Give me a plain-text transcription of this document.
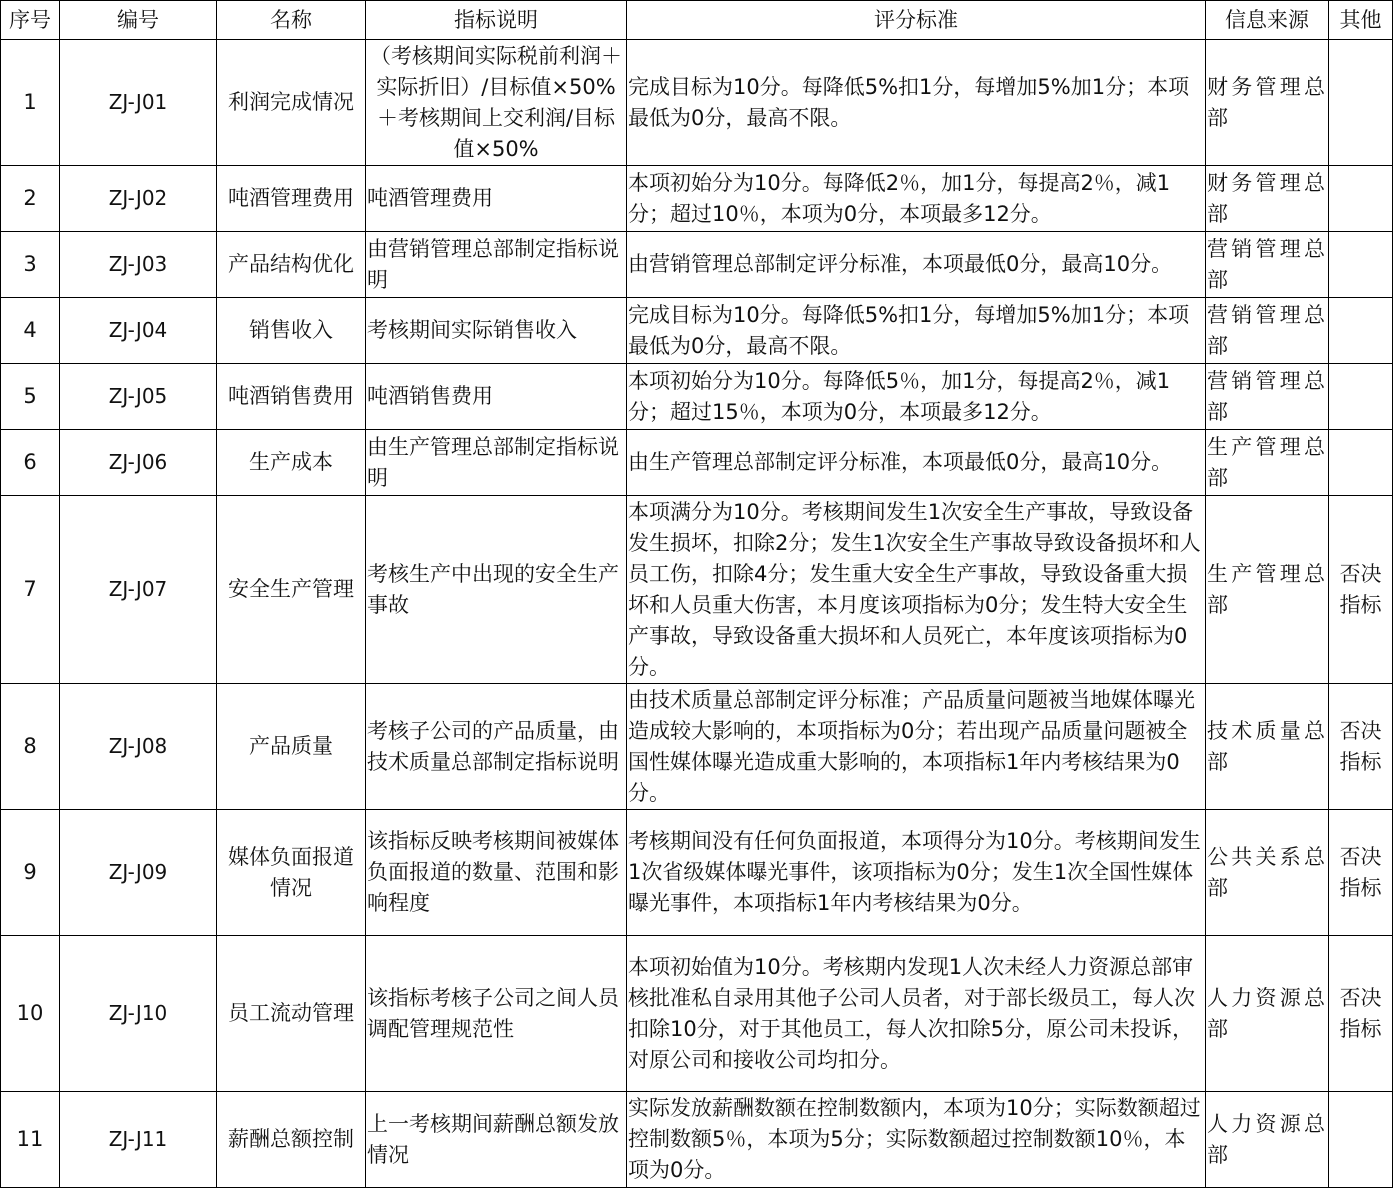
序号	编号	名称	指标说明	评分标准	信息来源	其他
1	ZJ-J01	利润完成情况	（考核期间实际税前利润＋实际折旧）/目标值×50%＋考核期间上交利润/目标值×50%	完成目标为10分。每降低5%扣1分，每增加5%加1分；本项最低为0分，最高不限。	财务管理总部	
2	ZJ-J02	吨酒管理费用	吨酒管理费用	本项初始分为10分。每降低2％，加1分，每提高2％，减1分；超过10％，本项为0分，本项最多12分。	财务管理总部	
3	ZJ-J03	产品结构优化	由营销管理总部制定指标说明	由营销管理总部制定评分标准，本项最低0分，最高10分。	营销管理总部	
4	ZJ-J04	销售收入	考核期间实际销售收入	完成目标为10分。每降低5%扣1分，每增加5%加1分；本项最低为0分，最高不限。	营销管理总部	
5	ZJ-J05	吨酒销售费用	吨酒销售费用	本项初始分为10分。每降低5％，加1分，每提高2％，减1分；超过15％，本项为0分，本项最多12分。	营销管理总部	
6	ZJ-J06	生产成本	由生产管理总部制定指标说明	由生产管理总部制定评分标准，本项最低0分，最高10分。	生产管理总部	
7	ZJ-J07	安全生产管理	考核生产中出现的安全生产事故	本项满分为10分。考核期间发生1次安全生产事故，导致设备发生损坏，扣除2分；发生1次安全生产事故导致设备损坏和人员工伤，扣除4分；发生重大安全生产事故，导致设备重大损坏和人员重大伤害，本月度该项指标为0分；发生特大安全生产事故，导致设备重大损坏和人员死亡，本年度该项指标为0分。	生产管理总部	否决指标
8	ZJ-J08	产品质量	考核子公司的产品质量，由技术质量总部制定指标说明	由技术质量总部制定评分标准；产品质量问题被当地媒体曝光造成较大影响的，本项指标为0分；若出现产品质量问题被全国性媒体曝光造成重大影响的，本项指标1年内考核结果为0分。	技术质量总部	否决指标
9	ZJ-J09	媒体负面报道情况	该指标反映考核期间被媒体负面报道的数量、范围和影响程度	考核期间没有任何负面报道，本项得分为10分。考核期间发生1次省级媒体曝光事件，该项指标为0分；发生1次全国性媒体曝光事件，本项指标1年内考核结果为0分。	公共关系总部	否决指标
10	ZJ-J10	员工流动管理	该指标考核子公司之间人员调配管理规范性	本项初始值为10分。考核期内发现1人次未经人力资源总部审核批准私自录用其他子公司人员者，对于部长级员工，每人次扣除10分，对于其他员工，每人次扣除5分，原公司未投诉，对原公司和接收公司均扣分。	人力资源总部	否决指标
11	ZJ-J11	薪酬总额控制	上一考核期间薪酬总额发放情况	实际发放薪酬数额在控制数额内，本项为10分；实际数额超过控制数额5％，本项为5分；实际数额超过控制数额10％，本项为0分。	人力资源总部	
